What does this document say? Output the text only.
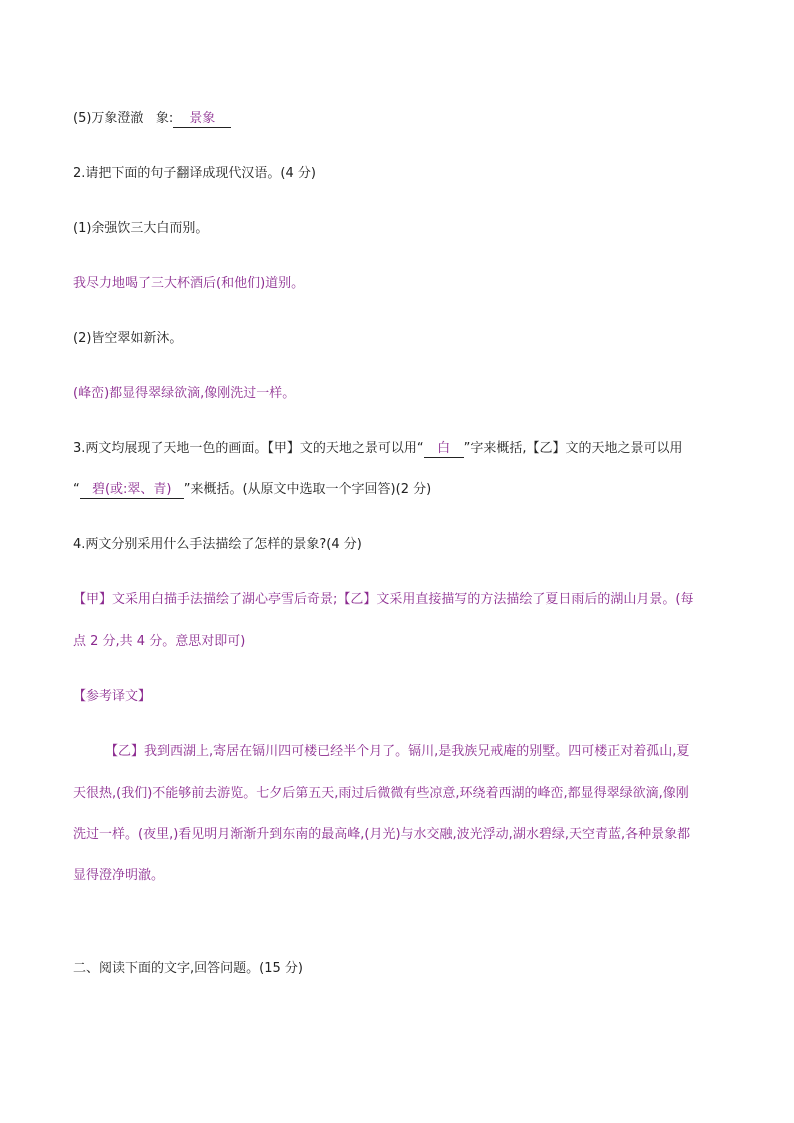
(5)万象澄澈 象: 景象
2.请把下面的句子翻译成现代汉语。(4 分)
(1)余强饮三大白而别。
我尽力地喝了三大杯酒后(和他们)道别。
(2)皆空翠如新沐。
(峰峦)都显得翠绿欲滴,像刚洗过一样。
3.两文均展现了天地一色的画面。【甲】文的天地之景可以用“ 白 ”字来概括,【乙】文的天地之景可以用
“ 碧(或:翠、青) ”来概括。(从原文中选取一个字回答)(2 分)
4.两文分别采用什么手法描绘了怎样的景象?(4 分)
【甲】文采用白描手法描绘了湖心亭雪后奇景;【乙】文采用直接描写的方法描绘了夏日雨后的湖山月景。(每
点 2 分,共 4 分。意思对即可)
【参考译文】
【乙】我到西湖上,寄居在镉川四可楼已经半个月了。镉川,是我族兄戒庵的别墅。四可楼正对着孤山,夏
天很热,(我们)不能够前去游览。七夕后第五天,雨过后微微有些凉意,环绕着西湖的峰峦,都显得翠绿欲滴,像刚
洗过一样。(夜里,)看见明月渐渐升到东南的最高峰,(月光)与水交融,波光浮动,湖水碧绿,天空青蓝,各种景象都
显得澄净明澈。
二、阅读下面的文字,回答问题。(15 分)
